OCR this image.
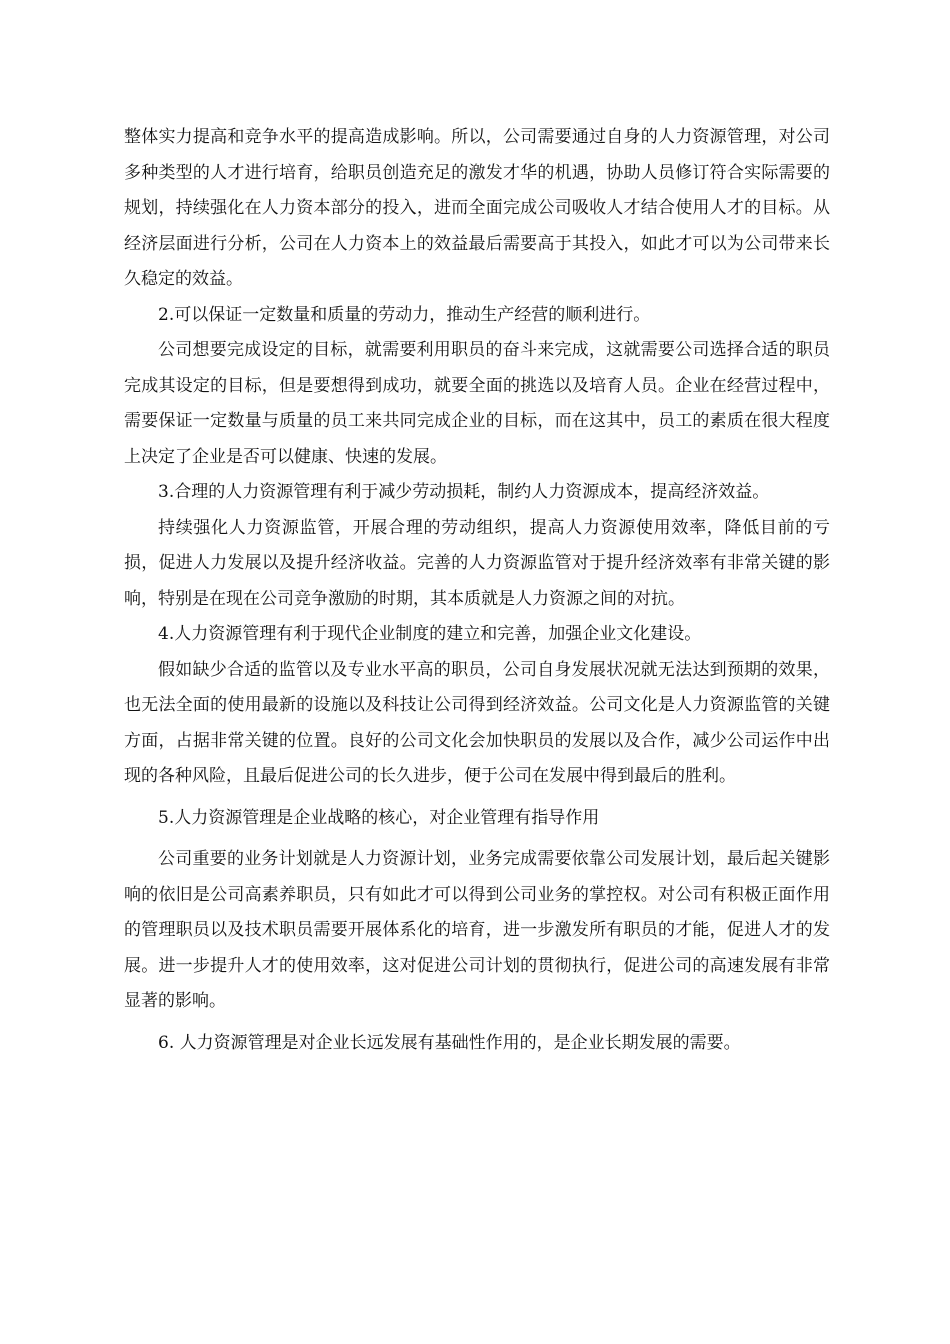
整体实力提高和竞争水平的提高造成影响。所以，公司需要通过自身的人力资源管理，对公司多种类型的人才进行培育，给职员创造充足的激发才华的机遇，协助人员修订符合实际需要的规划，持续强化在人力资本部分的投入，进而全面完成公司吸收人才结合使用人才的目标。从经济层面进行分析，公司在人力资本上的效益最后需要高于其投入，如此才可以为公司带来长久稳定的效益。

2.可以保证一定数量和质量的劳动力，推动生产经营的顺利进行。

公司想要完成设定的目标，就需要利用职员的奋斗来完成，这就需要公司选择合适的职员完成其设定的目标，但是要想得到成功，就要全面的挑选以及培育人员。企业在经营过程中，需要保证一定数量与质量的员工来共同完成企业的目标，而在这其中，员工的素质在很大程度上决定了企业是否可以健康、快速的发展。

3.合理的人力资源管理有利于减少劳动损耗，制约人力资源成本，提高经济效益。

持续强化人力资源监管，开展合理的劳动组织，提高人力资源使用效率，降低目前的亏损，促进人力发展以及提升经济收益。完善的人力资源监管对于提升经济效率有非常关键的影响，特别是在现在公司竞争激励的时期，其本质就是人力资源之间的对抗。

4.人力资源管理有利于现代企业制度的建立和完善，加强企业文化建设。

假如缺少合适的监管以及专业水平高的职员，公司自身发展状况就无法达到预期的效果，也无法全面的使用最新的设施以及科技让公司得到经济效益。公司文化是人力资源监管的关键方面，占据非常关键的位置。良好的公司文化会加快职员的发展以及合作，减少公司运作中出现的各种风险，且最后促进公司的长久进步，便于公司在发展中得到最后的胜利。

5.人力资源管理是企业战略的核心，对企业管理有指导作用

公司重要的业务计划就是人力资源计划，业务完成需要依靠公司发展计划，最后起关键影响的依旧是公司高素养职员，只有如此才可以得到公司业务的掌控权。对公司有积极正面作用的管理职员以及技术职员需要开展体系化的培育，进一步激发所有职员的才能，促进人才的发展。进一步提升人才的使用效率，这对促进公司计划的贯彻执行，促进公司的高速发展有非常显著的影响。

6. 人力资源管理是对企业长远发展有基础性作用的，是企业长期发展的需要。
